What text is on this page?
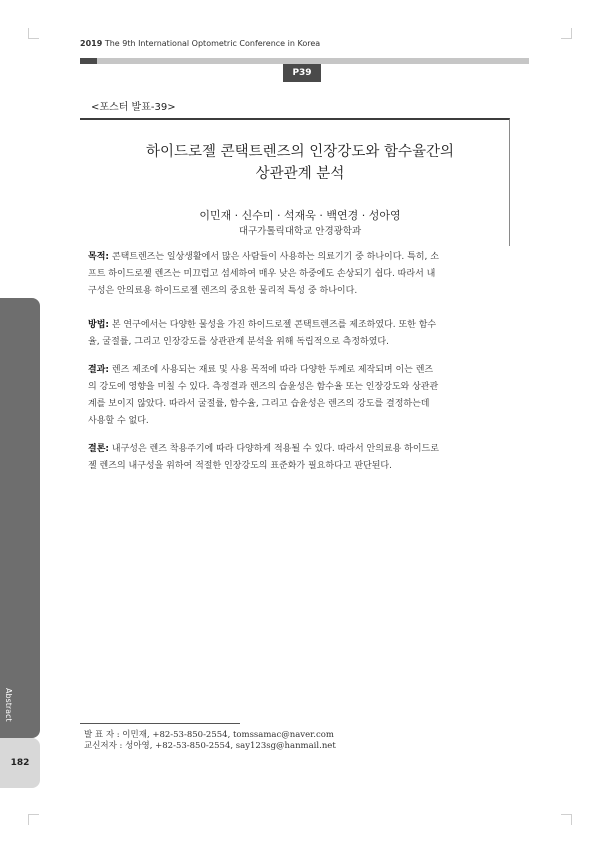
2019 The 9th International Optometric Conference in Korea
P39
<포스터 발표-39>
하이드로젤 콘택트렌즈의 인장강도와 함수율간의
상관관계 분석
이민재 · 신수미 · 석재욱 · 백연경 · 성아영
대구가톨릭대학교 안경광학과
목적: 콘택트렌즈는 일상생활에서 많은 사람들이 사용하는 의료기기 중 하나이다. 특히, 소
프트 하이드로젤 렌즈는 미끄럽고 섬세하여 매우 낮은 하중에도 손상되기 쉽다. 따라서 내
구성은 안의료용 하이드로젤 렌즈의 중요한 물리적 특성 중 하나이다.
방법: 본 연구에서는 다양한 물성을 가진 하이드로젤 콘택트렌즈를 제조하였다. 또한 함수
율, 굴절률, 그리고 인장강도를 상관관계 분석을 위해 독립적으로 측정하였다.
결과: 렌즈 제조에 사용되는 재료 및 사용 목적에 따라 다양한 두께로 제작되며 이는 렌즈
의 강도에 영향을 미칠 수 있다. 측정결과 렌즈의 습윤성은 함수율 또는 인장강도와 상관관
계를 보이지 않았다. 따라서 굴절률, 함수율, 그리고 습윤성은 렌즈의 강도를 결정하는데
사용할 수 없다.
결론: 내구성은 렌즈 착용주기에 따라 다양하게 적용될 수 있다. 따라서 안의료용 하이드로
젤 렌즈의 내구성을 위하여 적절한 인장강도의 표준화가 필요하다고 판단된다.
Abstract
182
발 표 자 : 이민재, +82-53-850-2554, tomssamac@naver.com
교신저자 : 성아영, +82-53-850-2554, say123sg@hanmail.net
